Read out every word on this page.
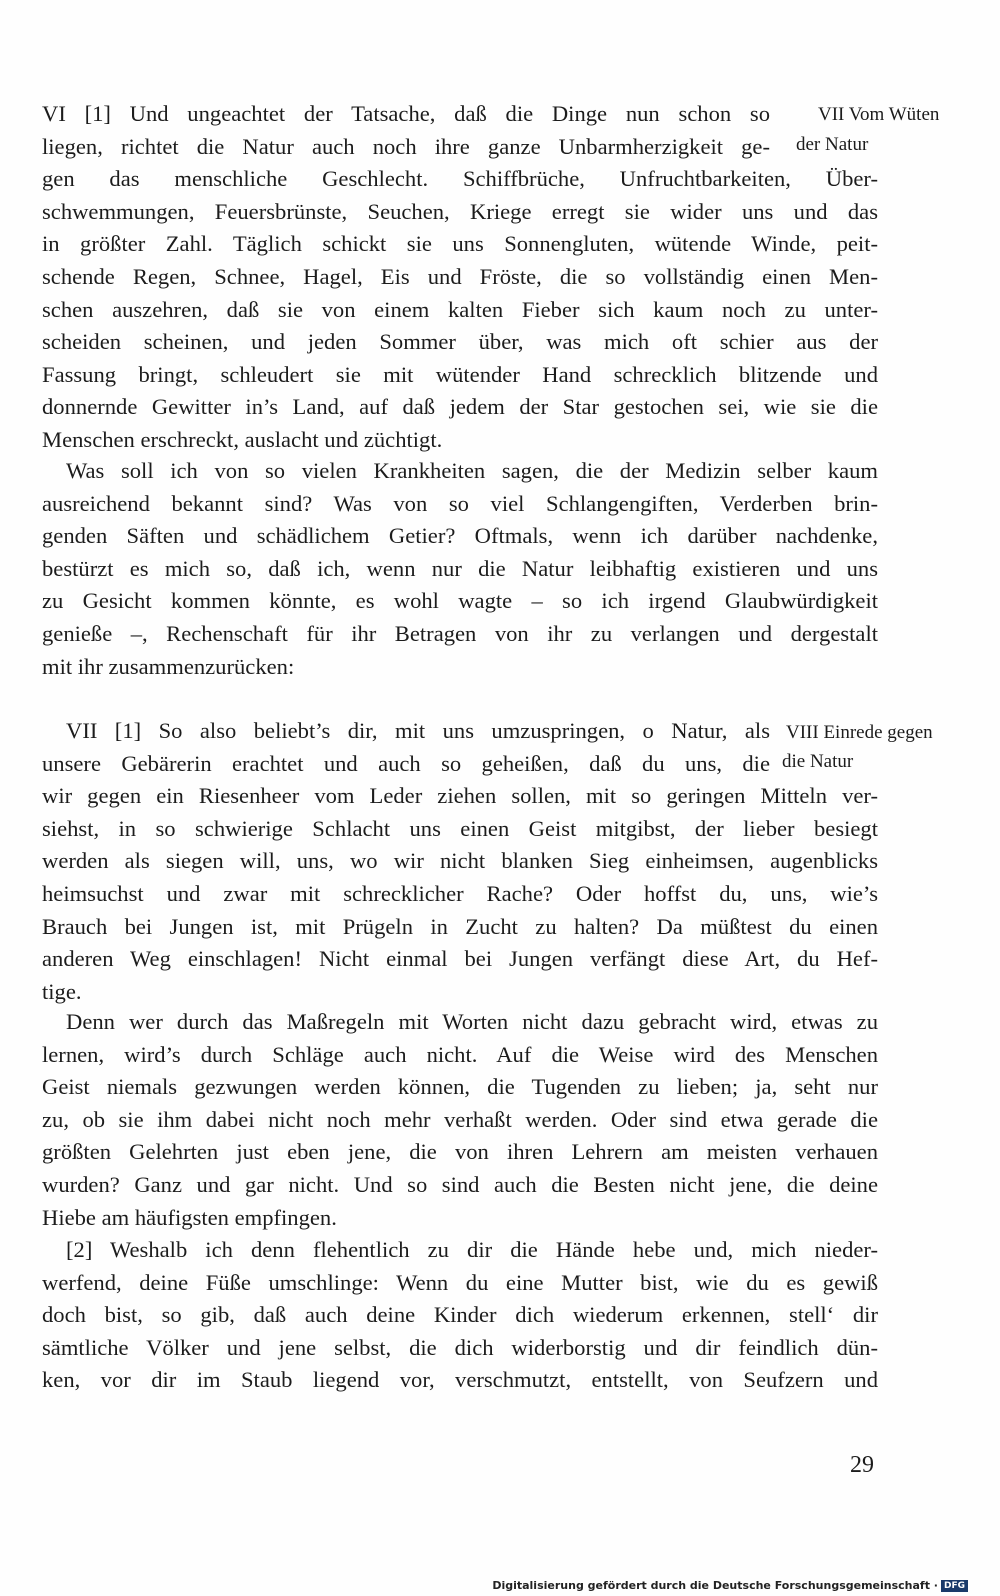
VI [1] Und ungeachtet der Tatsache, daß die Dinge nun schon so
liegen, richtet die Natur auch noch ihre ganze Unbarmherzigkeit ge-
gen das menschliche Geschlecht. Schiffbrüche, Unfruchtbarkeiten, Über-
schwemmungen, Feuersbrünste, Seuchen, Kriege erregt sie wider uns und das
in größter Zahl. Täglich schickt sie uns Sonnengluten, wütende Winde, peit-
schende Regen, Schnee, Hagel, Eis und Fröste, die so vollständig einen Men-
schen auszehren, daß sie von einem kalten Fieber sich kaum noch zu unter-
scheiden scheinen, und jeden Sommer über, was mich oft schier aus der
Fassung bringt, schleudert sie mit wütender Hand schrecklich blitzende und
donnernde Gewitter in’s Land, auf daß jedem der Star gestochen sei, wie sie die
Menschen erschreckt, auslacht und züchtigt.

Was soll ich von so vielen Krankheiten sagen, die der Medizin selber kaum
ausreichend bekannt sind? Was von so viel Schlangengiften, Verderben brin-
genden Säften und schädlichem Getier? Oftmals, wenn ich darüber nachdenke,
bestürzt es mich so, daß ich, wenn nur die Natur leibhaftig existieren und uns
zu Gesicht kommen könnte, es wohl wagte – so ich irgend Glaubwürdigkeit
genieße –, Rechenschaft für ihr Betragen von ihr zu verlangen und dergestalt
mit ihr zusammenzurücken:

VII [1] So also beliebt’s dir, mit uns umzuspringen, o Natur, als
unsere Gebärerin erachtet und auch so geheißen, daß du uns, die
wir gegen ein Riesenheer vom Leder ziehen sollen, mit so geringen Mitteln ver-
siehst, in so schwierige Schlacht uns einen Geist mitgibst, der lieber besiegt
werden als siegen will, uns, wo wir nicht blanken Sieg einheimsen, augenblicks
heimsuchst und zwar mit schrecklicher Rache? Oder hoffst du, uns, wie’s
Brauch bei Jungen ist, mit Prügeln in Zucht zu halten? Da müßtest du einen
anderen Weg einschlagen! Nicht einmal bei Jungen verfängt diese Art, du Hef-
tige.

Denn wer durch das Maßregeln mit Worten nicht dazu gebracht wird, etwas zu
lernen, wird’s durch Schläge auch nicht. Auf die Weise wird des Menschen
Geist niemals gezwungen werden können, die Tugenden zu lieben; ja, seht nur
zu, ob sie ihm dabei nicht noch mehr verhaßt werden. Oder sind etwa gerade die
größten Gelehrten just eben jene, die von ihren Lehrern am meisten verhauen
wurden? Ganz und gar nicht. Und so sind auch die Besten nicht jene, die deine
Hiebe am häufigsten empfingen.

[2] Weshalb ich denn flehentlich zu dir die Hände hebe und, mich nieder-
werfend, deine Füße umschlinge: Wenn du eine Mutter bist, wie du es gewiß
doch bist, so gib, daß auch deine Kinder dich wiederum erkennen, stell‘ dir
sämtliche Völker und jene selbst, die dich widerborstig und dir feindlich dün-
ken, vor dir im Staub liegend vor, verschmutzt, entstellt, von Seufzern und

VII Vom Wüten
der Natur
VIII Einrede gegen
die Natur
29
Digitalisierung gefördert durch die Deutsche Forschungsgemeinschaft · DFG
